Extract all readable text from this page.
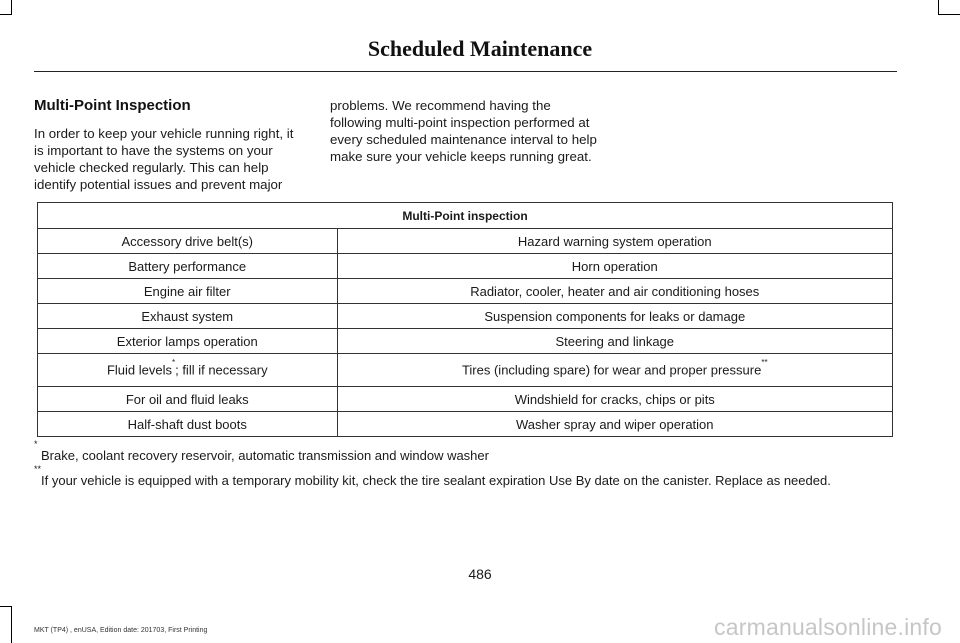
Scheduled Maintenance
Multi-Point Inspection
In order to keep your vehicle running right, it is important to have the systems on your vehicle checked regularly. This can help identify potential issues and prevent major
problems. We recommend having the following multi-point inspection performed at every scheduled maintenance interval to help make sure your vehicle keeps running great.
Multi-Point inspection	
Accessory drive belt(s)	Hazard warning system operation
Battery performance	Horn operation
Engine air filter	Radiator, cooler, heater and air conditioning hoses
Exhaust system	Suspension components for leaks or damage
Exterior lamps operation	Steering and linkage
Fluid levels*; fill if necessary	Tires (including spare) for wear and proper pressure**
For oil and fluid leaks	Windshield for cracks, chips or pits
Half-shaft dust boots	Washer spray and wiper operation
*
Brake, coolant recovery reservoir, automatic transmission and window washer
**
If your vehicle is equipped with a temporary mobility kit, check the tire sealant expiration Use By date on the canister. Replace as needed.
486
MKT (TP4) , enUSA, Edition date: 201703, First Printing	carmanualsonline.info
